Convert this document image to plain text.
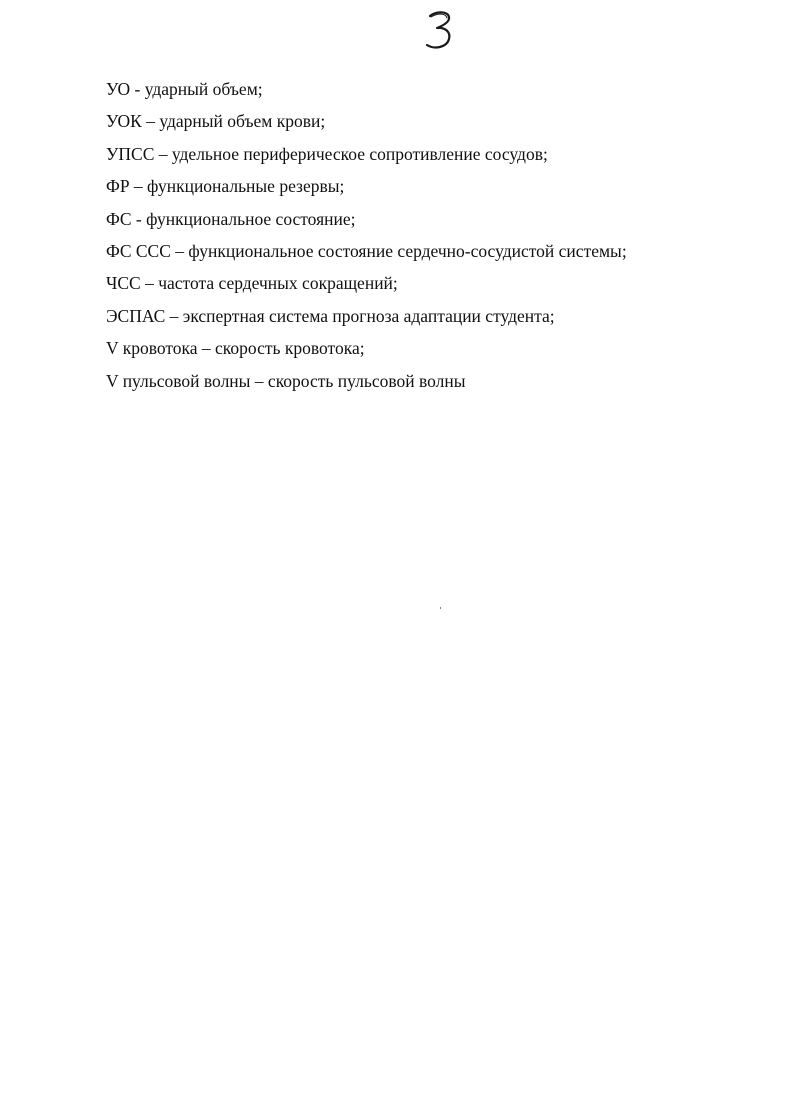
УО - ударный объем;
УОК – ударный объем крови;
УПСС – удельное периферическое сопротивление сосудов;
ФР – функциональные резервы;
ФС - функциональное состояние;
ФС ССС – функциональное состояние сердечно-сосудистой системы;
ЧСС – частота сердечных сокращений;
ЭСПАС – экспертная система прогноза адаптации студента;
V кровотока – скорость кровотока;
V пульсовой волны – скорость пульсовой волны
